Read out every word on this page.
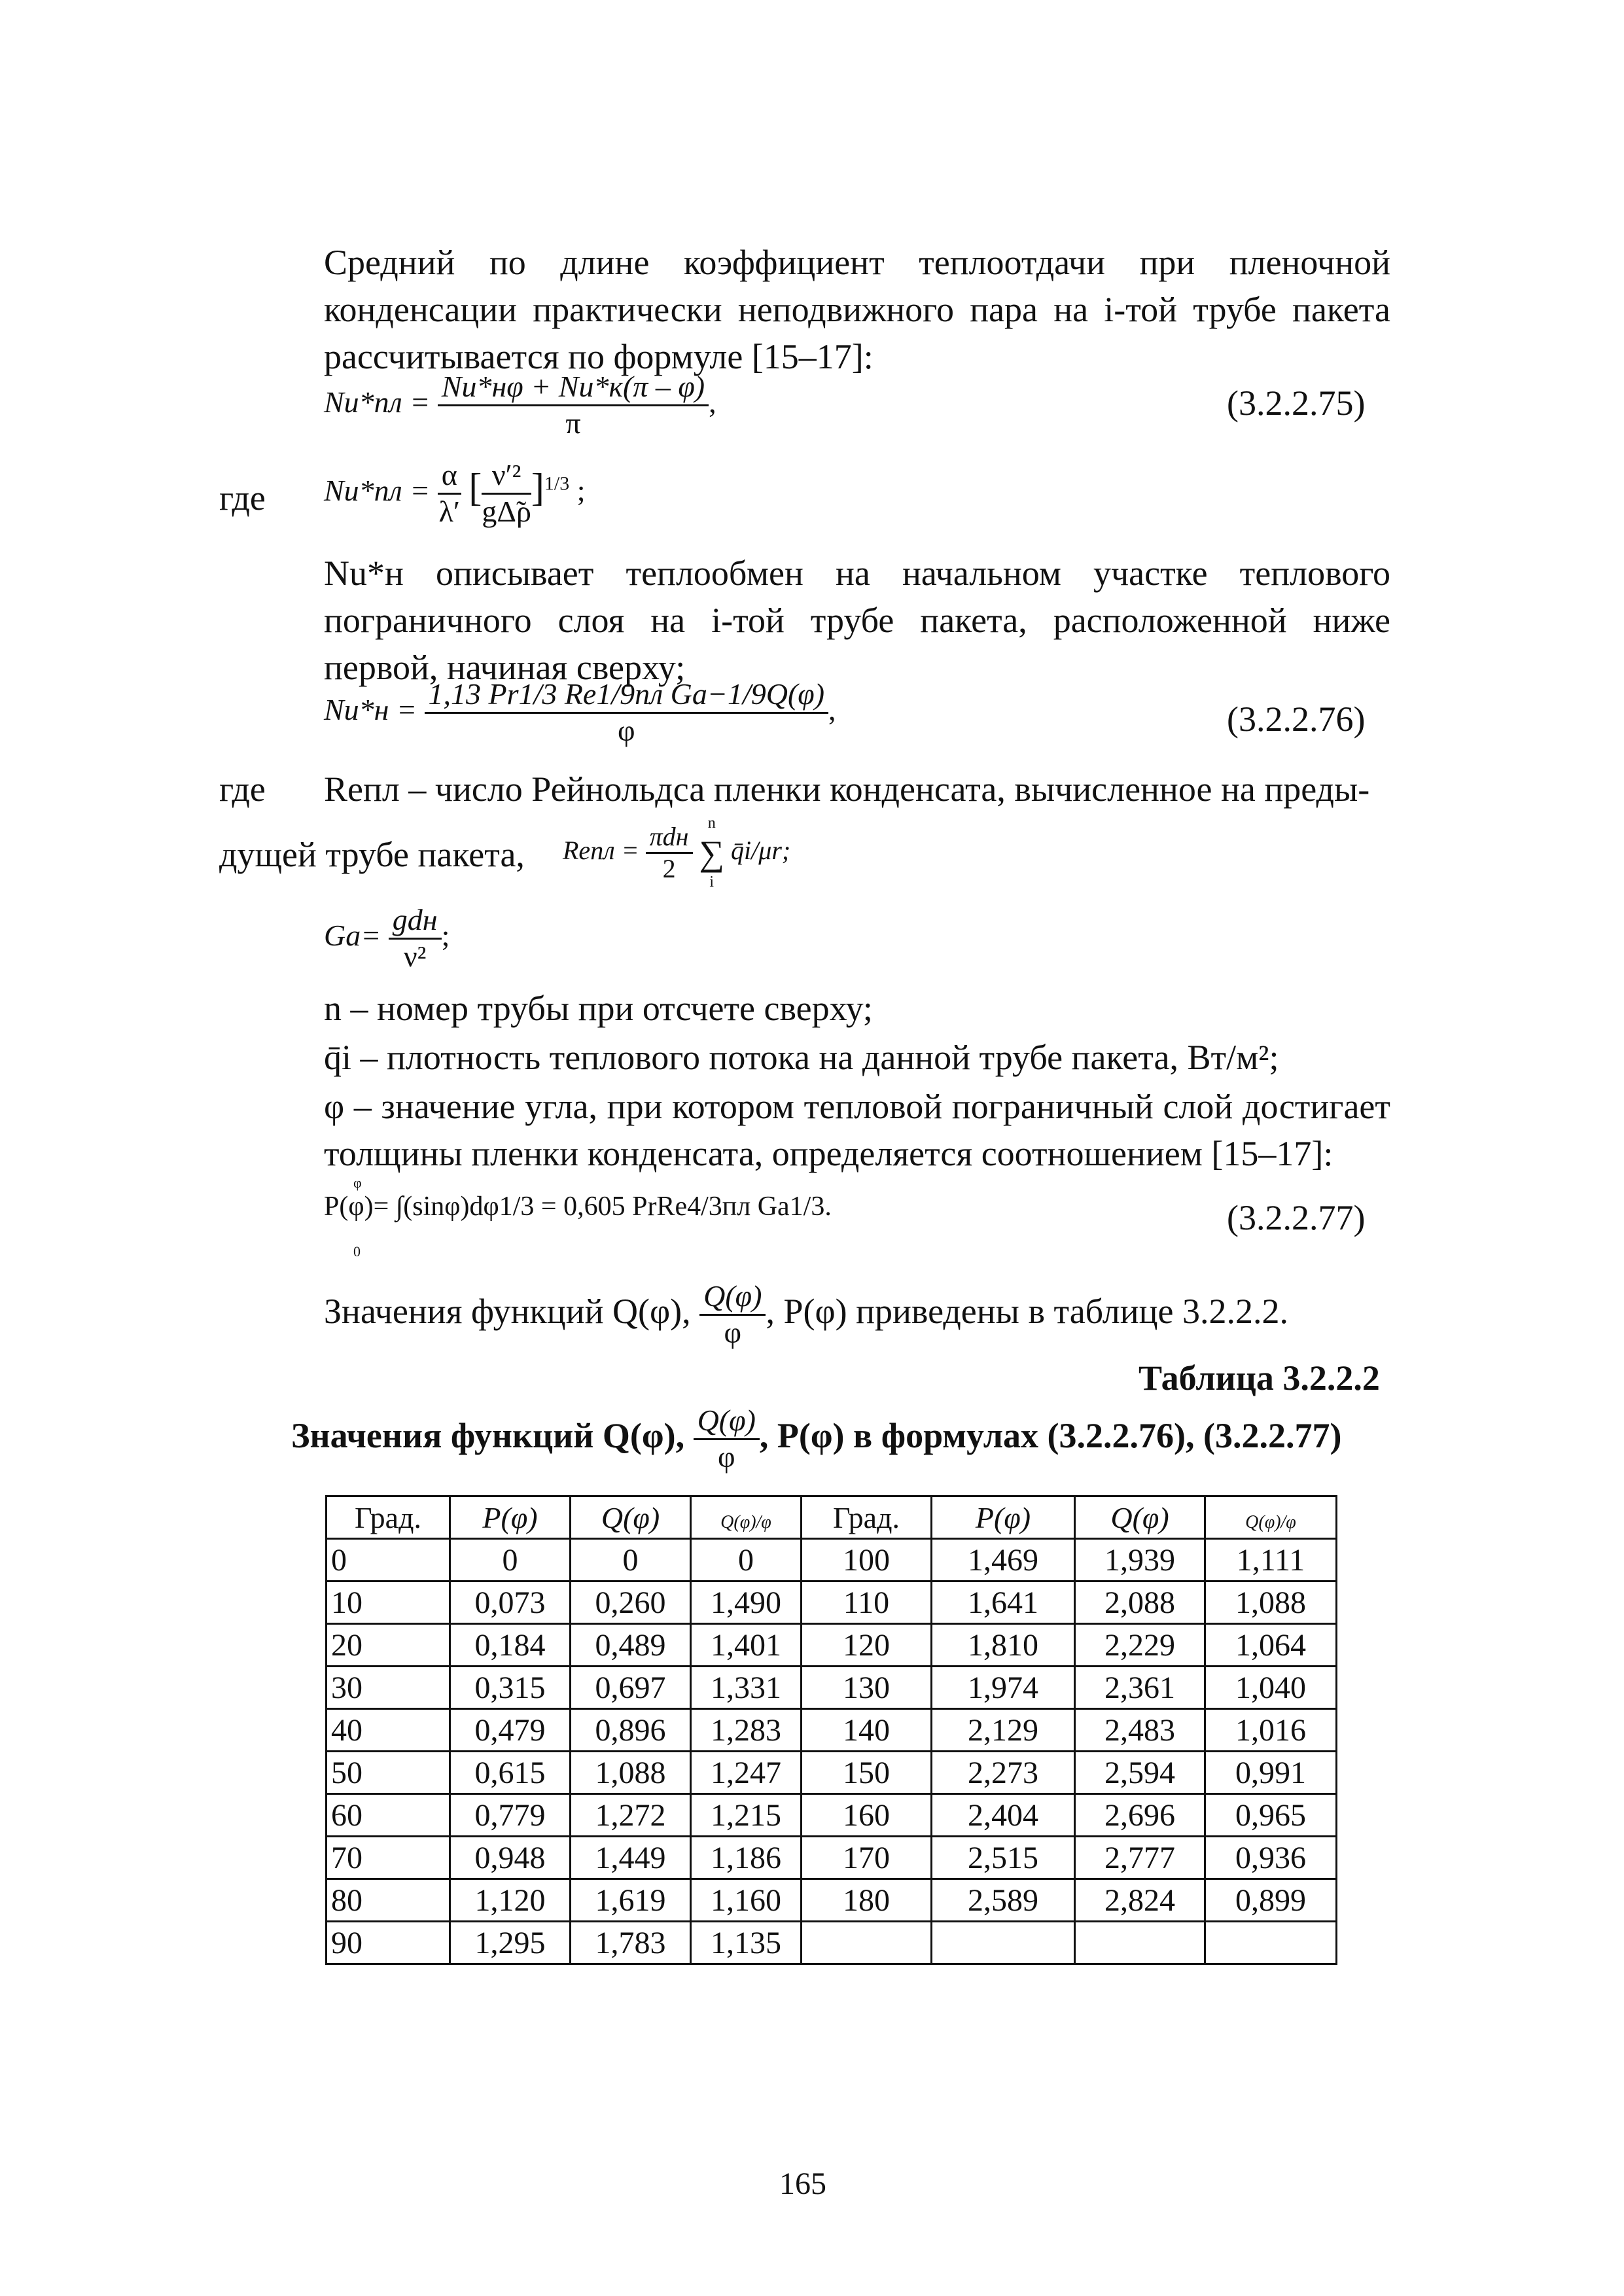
Средний по длине коэффициент теплоотдачи при пленочной конденсации практически неподвижного пара на i-той трубе пакета рассчитывается по формуле [15–17]:
$Nu*пл = \frac{Nu*н\varphi + Nu*к(\pi - \varphi)}{\pi}$ ,	(3.2.2.75)
где $Nu*пл = \frac{\alpha}{\lambda'}$ [ $\frac{\text{ν′²}}{g\Deltã\rho} ]^{1/3}$ ;
Nu*н описывает теплообмен на начальном участке теплового пограничного слоя на i-той трубе пакета, расположенной ниже первой, начиная сверху;
$Nu*н = \frac{\text{1,13 Pr1/3 Re1/9пл Ga−1/9Q(φ)}}{\varphi}$ ,	(3.2.2.76)
где Reпл – число Рейнольдса пленки конденсата, вычисленное на преды-
дущей трубе пакета, Reпл = $\frac{\text{πdн}}{2}$
n
∑
i
q̄i/μr;
$Ga= \frac{\text{gdн}}{\text{ν²}}$ ;
n – номер трубы при отсчете сверху;
q̄i – плотность теплового потока на данной трубе пакета, Вт/м²;
φ – значение угла, при котором тепловой пограничный слой достигает толщины пленки конденсата, определяется соотношением [15–17]:
φ
P(φ)= ∫(sinφ)dφ1/3 = 0,605 PrRe4/3пл Ga1/3.
0
(3.2.2.77)
Значения функций Q(φ), $\frac{Q(\varphi)}{\varphi}$ , P(φ) приведены в таблице 3.2.2.2.
Таблица 3.2.2.2
Значения функций Q(φ), $\frac{Q(\varphi)}{\varphi}$ , P(φ) в формулах (3.2.2.76), (3.2.2.77)
Град.	P(φ)	Q(φ)	Q(φ)/φ	Град.	P(φ)	Q(φ)	Q(φ)/φ
0	0	0	0	100	1,469	1,939	1,111
10	0,073	0,260	1,490	110	1,641	2,088	1,088
20	0,184	0,489	1,401	120	1,810	2,229	1,064
30	0,315	0,697	1,331	130	1,974	2,361	1,040
40	0,479	0,896	1,283	140	2,129	2,483	1,016
50	0,615	1,088	1,247	150	2,273	2,594	0,991
60	0,779	1,272	1,215	160	2,404	2,696	0,965
70	0,948	1,449	1,186	170	2,515	2,777	0,936
80	1,120	1,619	1,160	180	2,589	2,824	0,899
90	1,295	1,783	1,135				
165
